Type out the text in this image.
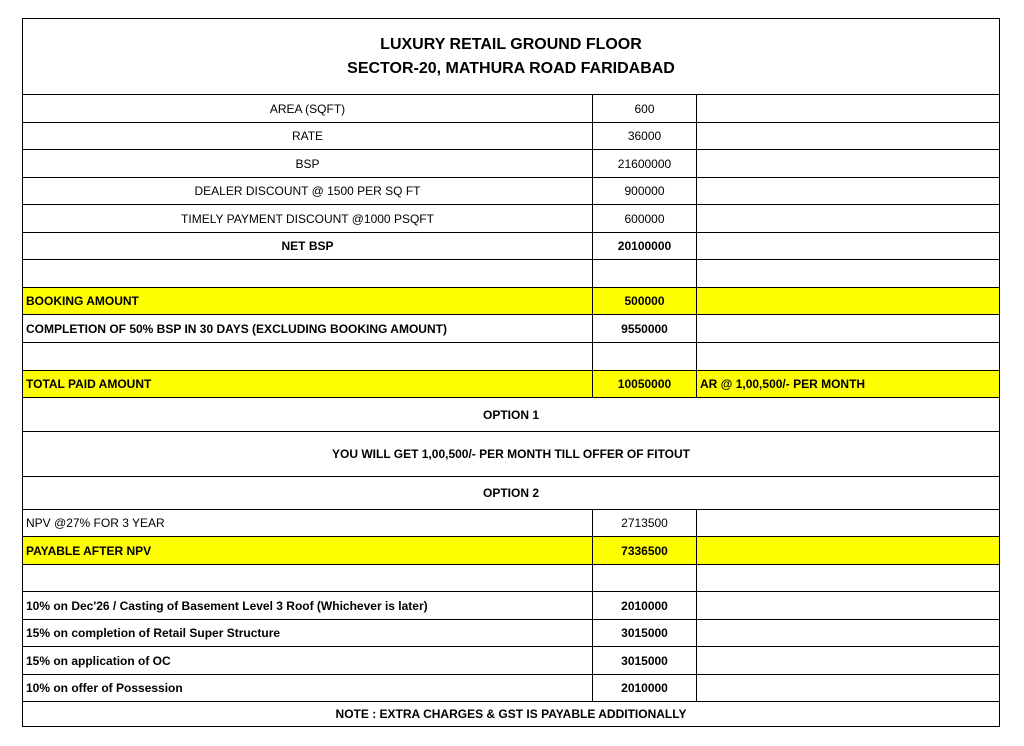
LUXURY RETAIL GROUND FLOOR
SECTOR-20, MATHURA ROAD FARIDABAD
AREA (SQFT)	600
RATE	36000
BSP	21600000
DEALER DISCOUNT @ 1500 PER SQ FT	900000
TIMELY PAYMENT DISCOUNT @1000 PSQFT	600000
NET BSP	20100000
BOOKING AMOUNT	500000
COMPLETION OF 50% BSP IN 30 DAYS (EXCLUDING BOOKING AMOUNT)	9550000
TOTAL PAID AMOUNT	10050000	AR @ 1,00,500/- PER MONTH
OPTION 1
YOU WILL GET 1,00,500/- PER MONTH TILL OFFER OF FITOUT
OPTION 2
NPV @27% FOR 3 YEAR	2713500
PAYABLE AFTER NPV	7336500
10% on Dec'26 / Casting of Basement Level 3 Roof (Whichever is later)	2010000
15% on completion of Retail Super Structure	3015000
15% on application of OC	3015000
10% on offer of Possession	2010000
NOTE : EXTRA CHARGES & GST IS PAYABLE ADDITIONALLY
